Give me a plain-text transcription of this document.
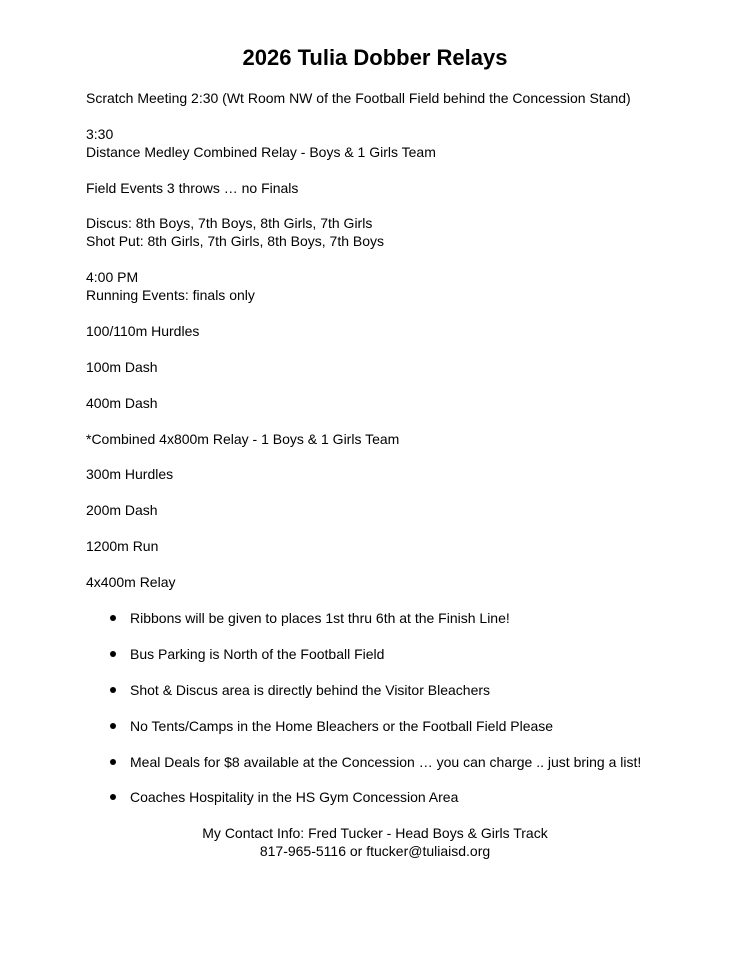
2026 Tulia Dobber Relays

Scratch Meeting 2:30 (Wt Room NW of the Football Field behind the Concession Stand)

3:30

Distance Medley Combined Relay - Boys & 1 Girls Team

Field Events 3 throws … no Finals

Discus: 8th Boys, 7th Boys, 8th Girls, 7th Girls

Shot Put: 8th Girls, 7th Girls, 8th Boys, 7th Boys

4:00 PM

Running Events: finals only

100/110m Hurdles

100m Dash

400m Dash

*Combined 4x800m Relay - 1 Boys & 1 Girls Team

300m Hurdles

200m Dash

1200m Run

4x400m Relay

Ribbons will be given to places 1st thru 6th at the Finish Line!
Bus Parking is North of the Football Field
Shot & Discus area is directly behind the Visitor Bleachers
No Tents/Camps in the Home Bleachers or the Football Field Please
Meal Deals for $8 available at the Concession … you can charge .. just bring a list!
Coaches Hospitality in the HS Gym Concession Area

My Contact Info: Fred Tucker - Head Boys & Girls Track

817-965-5116 or ftucker@tuliaisd.org
